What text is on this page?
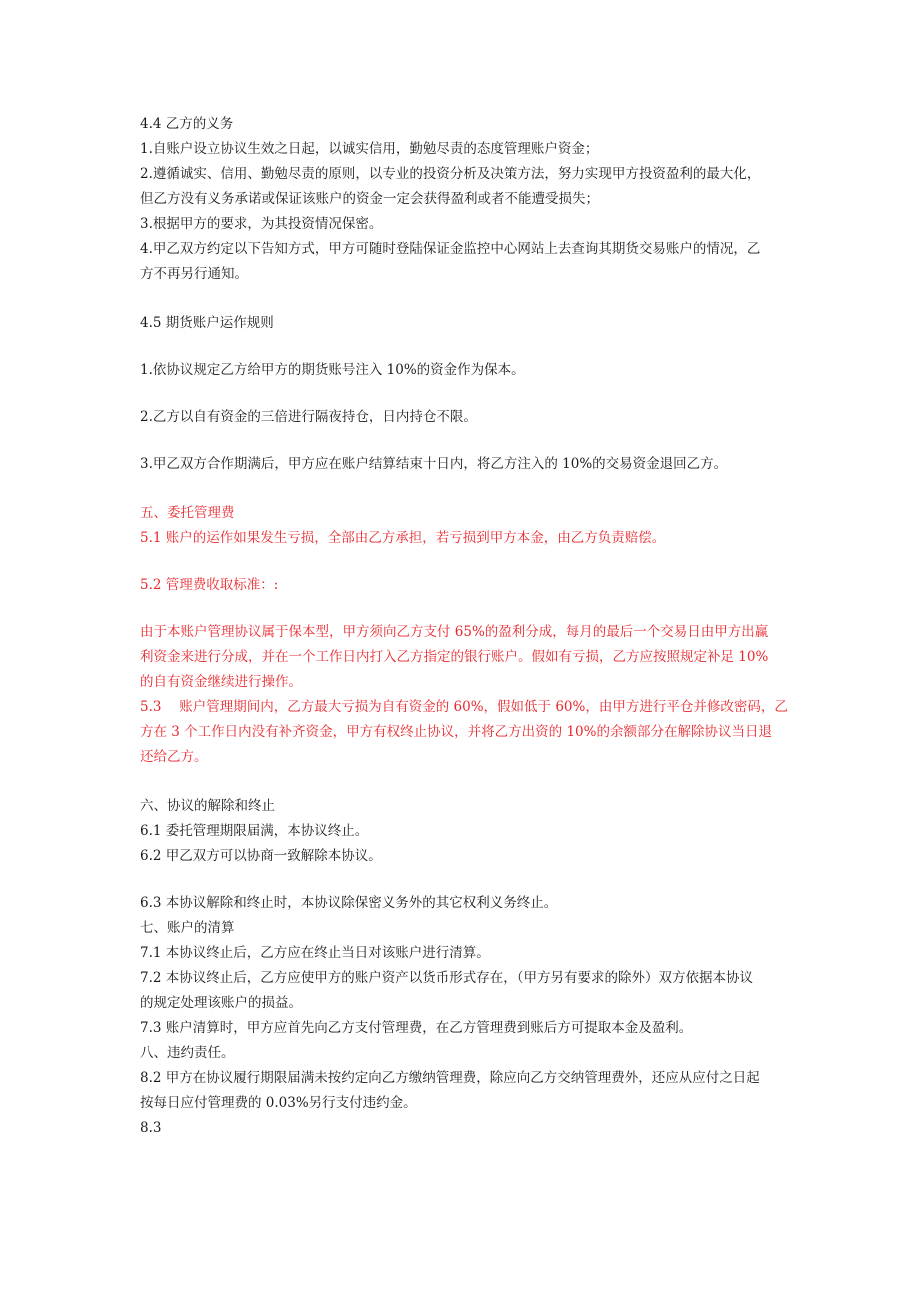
4.4 乙方的义务
1.自账户设立协议生效之日起，以诚实信用，勤勉尽责的态度管理账户资金；
2.遵循诚实、信用、勤勉尽责的原则，以专业的投资分析及决策方法，努力实现甲方投资盈利的最大化，
但乙方没有义务承诺或保证该账户的资金一定会获得盈利或者不能遭受损失；
3.根据甲方的要求，为其投资情况保密。
4.甲乙双方约定以下告知方式，甲方可随时登陆保证金监控中心网站上去查询其期货交易账户的情况，乙
方不再另行通知。
4.5 期货账户运作规则
1.依协议规定乙方给甲方的期货账号注入 10%的资金作为保本。
2.乙方以自有资金的三倍进行隔夜持仓，日内持仓不限。
3.甲乙双方合作期满后，甲方应在账户结算结束十日内，将乙方注入的 10%的交易资金退回乙方。
五、委托管理费
5.1 账户的运作如果发生亏损，全部由乙方承担，若亏损到甲方本金，由乙方负责赔偿。
5.2 管理费收取标准：:
由于本账户管理协议属于保本型，甲方须向乙方支付 65%的盈利分成，每月的最后一个交易日由甲方出赢
利资金来进行分成，并在一个工作日内打入乙方指定的银行账户。假如有亏损，乙方应按照规定补足 10%
的自有资金继续进行操作。
5.3　 账户管理期间内，乙方最大亏损为自有资金的 60%，假如低于 60%，由甲方进行平仓并修改密码，乙
方在 3 个工作日内没有补齐资金，甲方有权终止协议，并将乙方出资的 10%的余额部分在解除协议当日退
还给乙方。
六、协议的解除和终止
6.1 委托管理期限届满，本协议终止。
6.2 甲乙双方可以协商一致解除本协议。
6.3 本协议解除和终止时，本协议除保密义务外的其它权利义务终止。
七、账户的清算
7.1 本协议终止后，乙方应在终止当日对该账户进行清算。
7.2 本协议终止后，乙方应使甲方的账户资产以货币形式存在，（甲方另有要求的除外）双方依据本协议
的规定处理该账户的损益。
7.3 账户清算时，甲方应首先向乙方支付管理费，在乙方管理费到账后方可提取本金及盈利。
八、违约责任。
8.2 甲方在协议履行期限届满未按约定向乙方缴纳管理费，除应向乙方交纳管理费外，还应从应付之日起
按每日应付管理费的 0.03%另行支付违约金。
8.3
